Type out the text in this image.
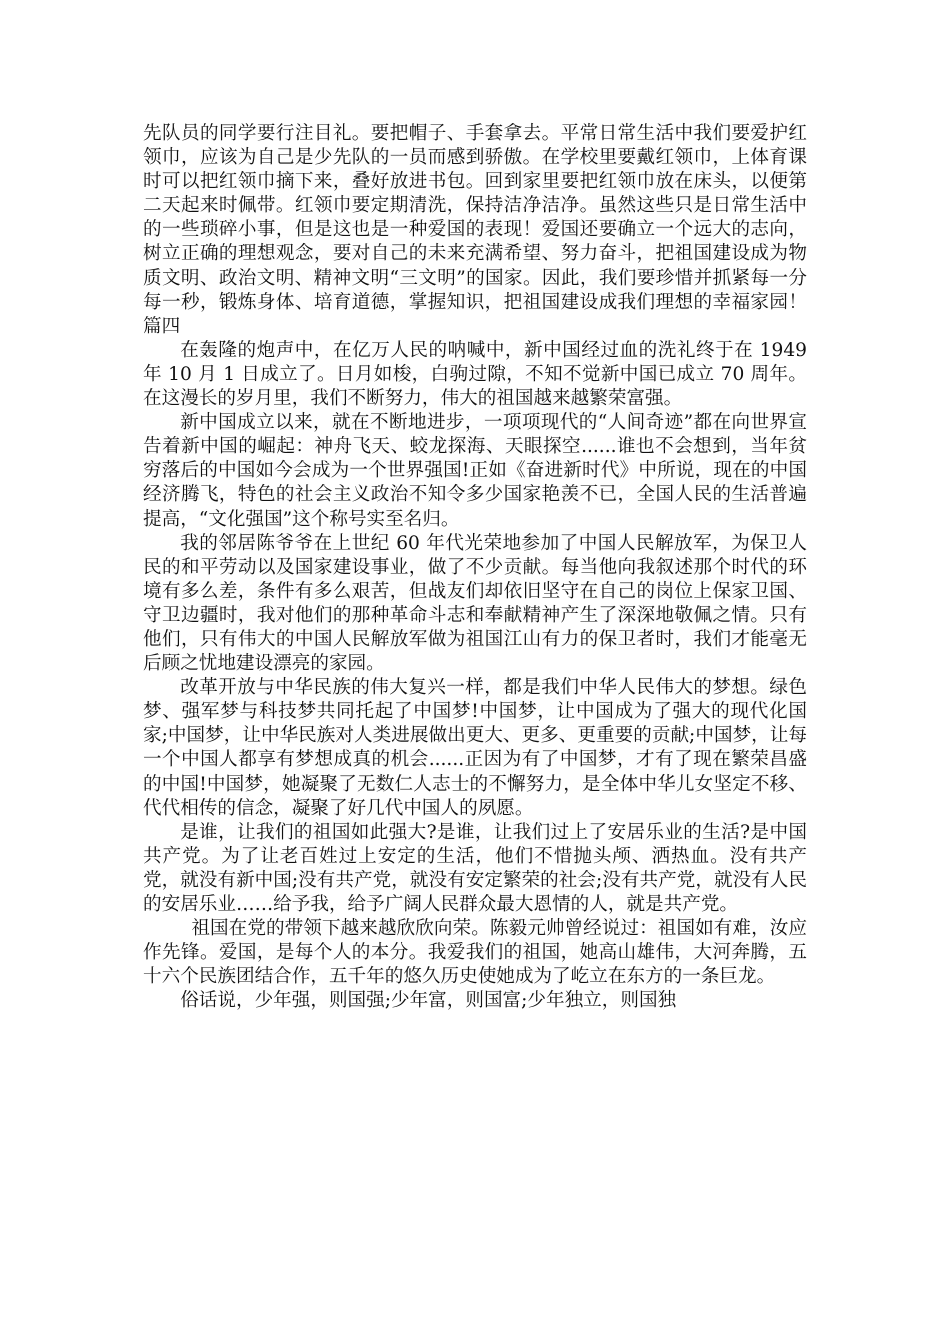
先队员的同学要行注目礼。要把帽子、手套拿去。平常日常生活中我们要爱护红领巾，应该为自己是少先队的一员而感到骄傲。在学校里要戴红领巾，上体育课时可以把红领巾摘下来，叠好放进书包。回到家里要把红领巾放在床头，以便第二天起来时佩带。红领巾要定期清洗，保持洁净洁净。虽然这些只是日常生活中的一些琐碎小事，但是这也是一种爱国的表现！爱国还要确立一个远大的志向，树立正确的理想观念，要对自己的未来充满希望、努力奋斗，把祖国建设成为物质文明、政治文明、精神文明“三文明”的国家。因此，我们要珍惜并抓紧每一分每一秒，锻炼身体、培育道德，掌握知识，把祖国建设成我们理想的幸福家园！ 篇四

在轰隆的炮声中，在亿万人民的呐喊中，新中国经过血的洗礼终于在 1949 年 10 月 1 日成立了。日月如梭，白驹过隙，不知不觉新中国已成立 70 周年。在这漫长的岁月里，我们不断努力，伟大的祖国越来越繁荣富强。

新中国成立以来，就在不断地进步，一项项现代的“人间奇迹”都在向世界宣告着新中国的崛起：神舟飞天、蛟龙探海、天眼探空......谁也不会想到，当年贫穷落后的中国如今会成为一个世界强国!正如《奋进新时代》中所说，现在的中国经济腾飞，特色的社会主义政治不知令多少国家艳羡不已，全国人民的生活普遍提高，“文化强国”这个称号实至名归。

我的邻居陈爷爷在上世纪 60 年代光荣地参加了中国人民解放军，为保卫人民的和平劳动以及国家建设事业，做了不少贡献。每当他向我叙述那个时代的环境有多么差，条件有多么艰苦，但战友们却依旧坚守在自己的岗位上保家卫国、守卫边疆时，我对他们的那种革命斗志和奉献精神产生了深深地敬佩之情。只有他们，只有伟大的中国人民解放军做为祖国江山有力的保卫者时，我们才能毫无后顾之忧地建设漂亮的家园。

改革开放与中华民族的伟大复兴一样，都是我们中华人民伟大的梦想。绿色梦、强军梦与科技梦共同托起了中国梦!中国梦，让中国成为了强大的现代化国家;中国梦，让中华民族对人类进展做出更大、更多、更重要的贡献;中国梦，让每一个中国人都享有梦想成真的机会......正因为有了中国梦，才有了现在繁荣昌盛的中国!中国梦，她凝聚了无数仁人志士的不懈努力，是全体中华儿女坚定不移、代代相传的信念，凝聚了好几代中国人的夙愿。

是谁，让我们的祖国如此强大?是谁，让我们过上了安居乐业的生活?是中国共产党。为了让老百姓过上安定的生活，他们不惜抛头颅、洒热血。没有共产党，就没有新中国;没有共产党，就没有安定繁荣的社会;没有共产党，就没有人民的安居乐业……给予我，给予广阔人民群众最大恩情的人，就是共产党。

祖国在党的带领下越来越欣欣向荣。陈毅元帅曾经说过：祖国如有难，汝应作先锋。爱国，是每个人的本分。我爱我们的祖国，她高山雄伟，大河奔腾，五十六个民族团结合作，五千年的悠久历史使她成为了屹立在东方的一条巨龙。

俗话说，少年强，则国强;少年富，则国富;少年独立，则国独
